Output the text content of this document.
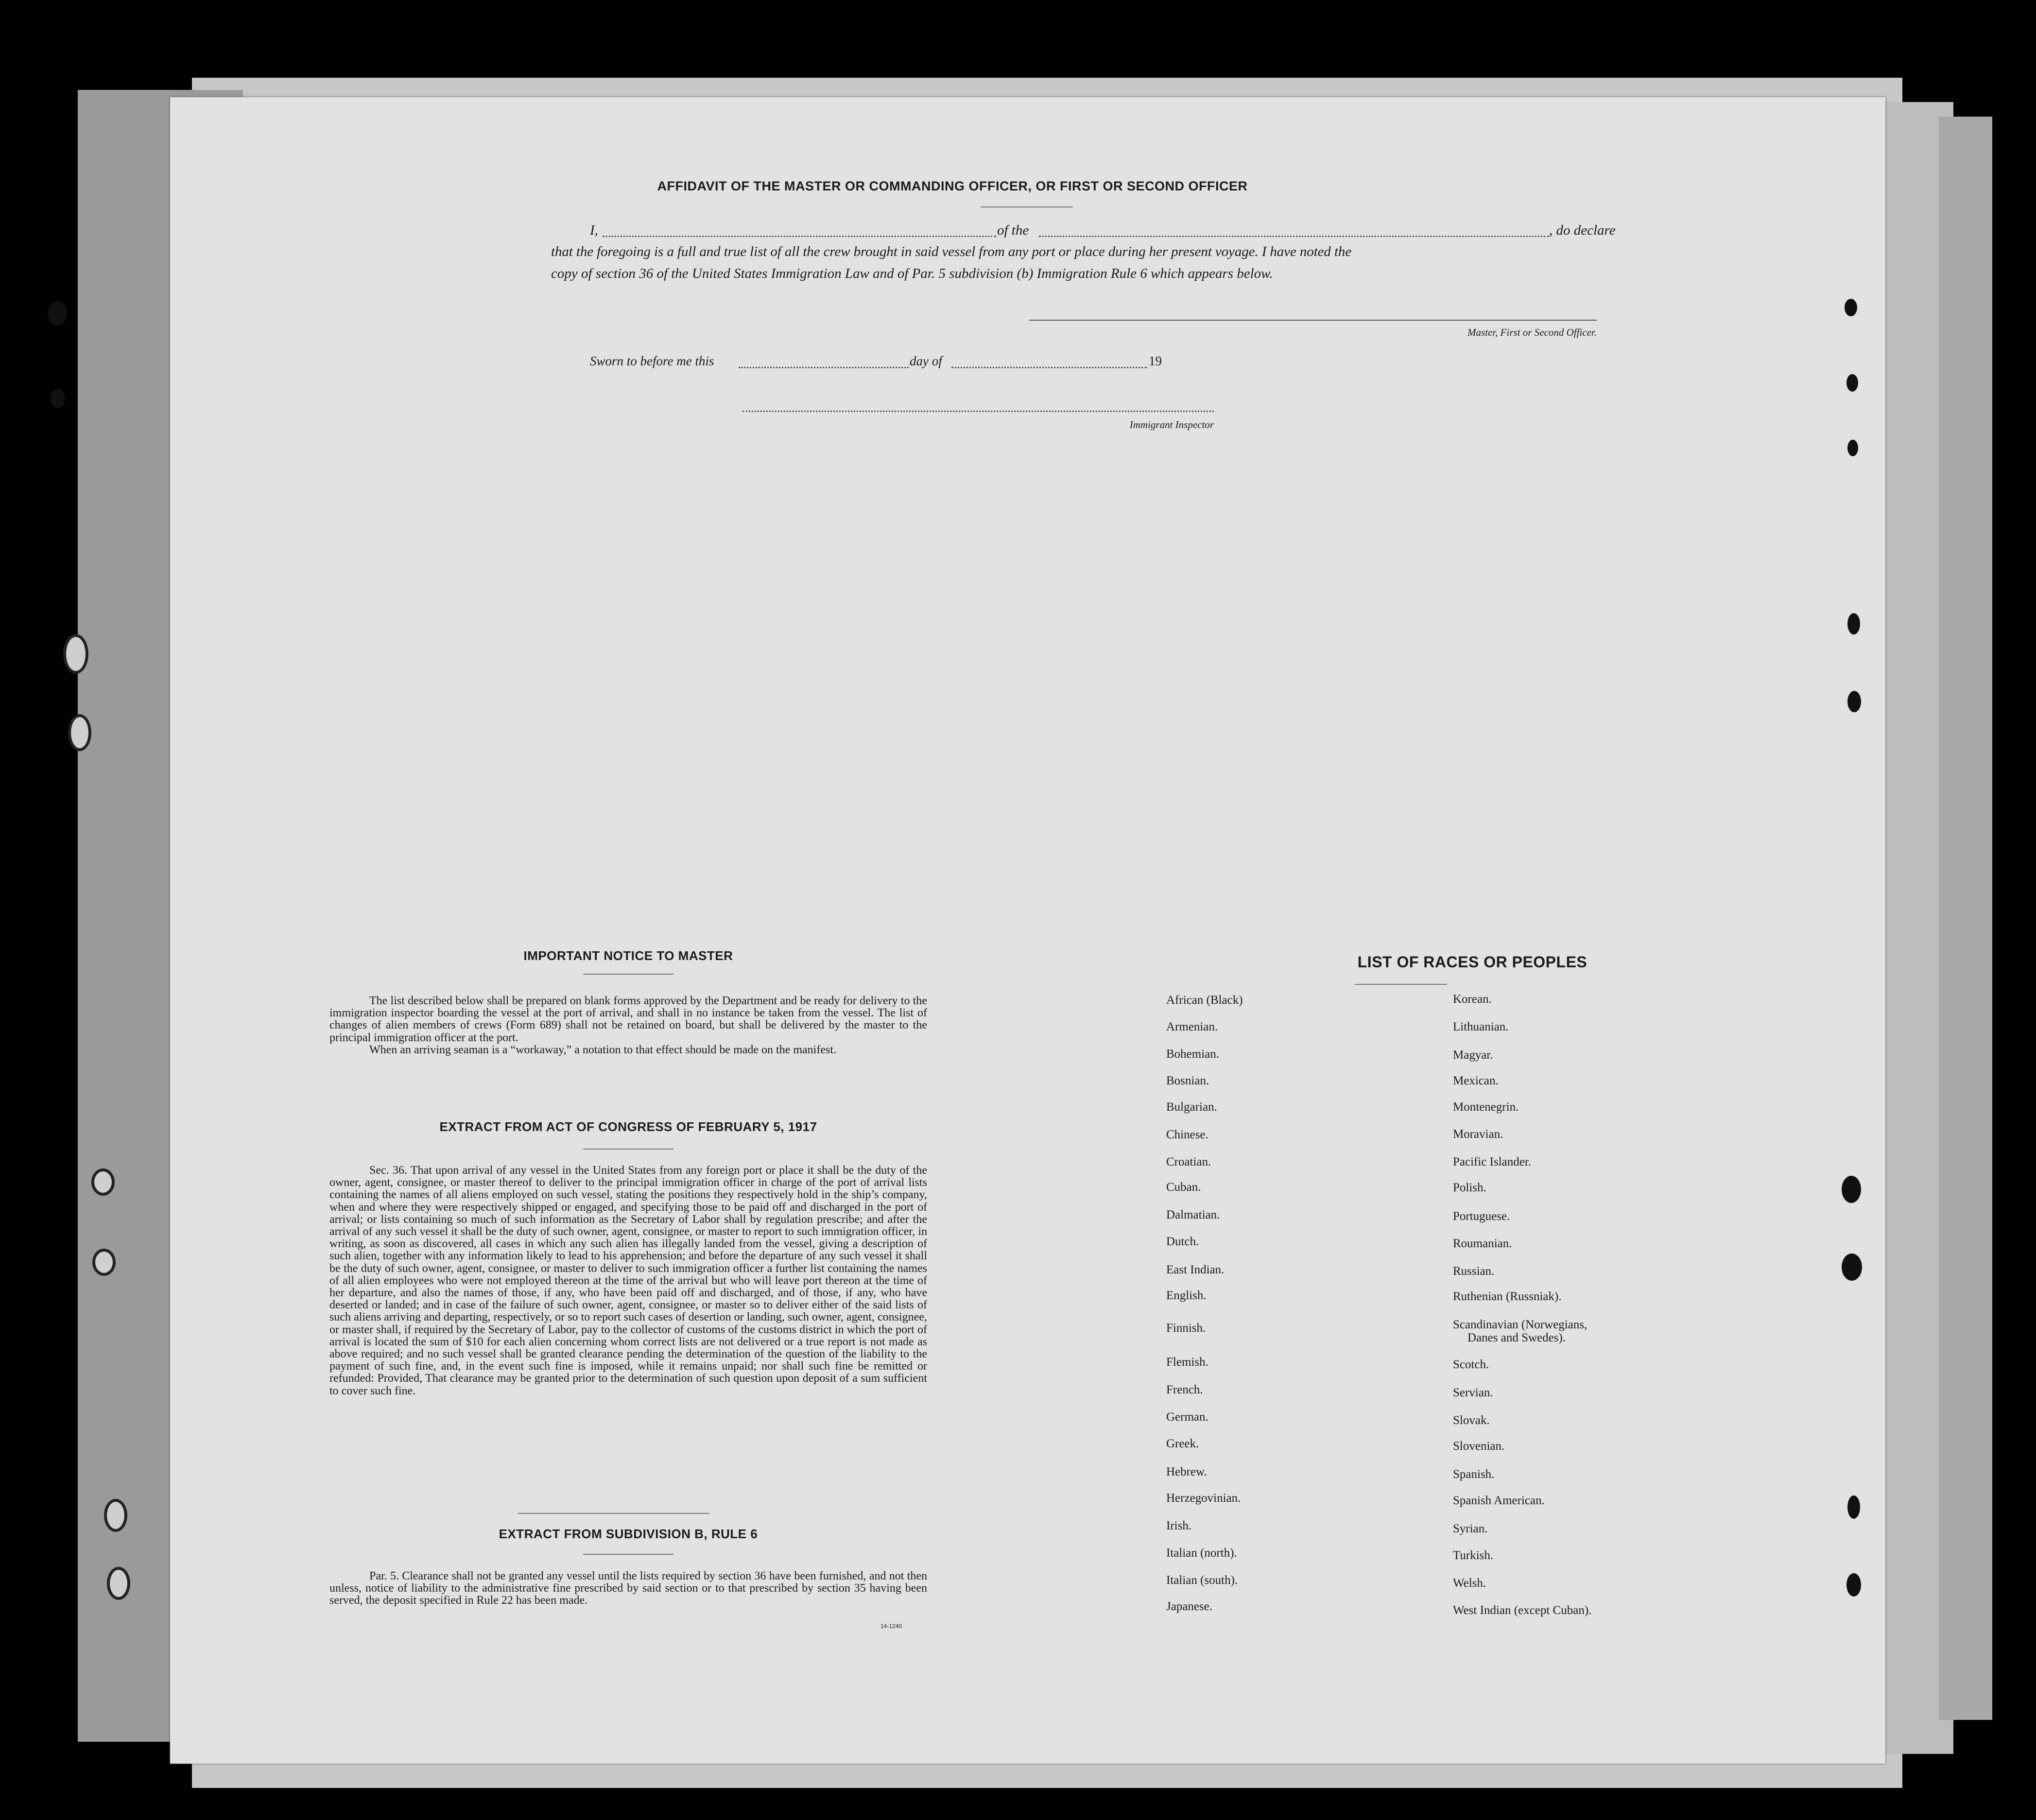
AFFIDAVIT OF THE MASTER OR COMMANDING OFFICER, OR FIRST OR SECOND OFFICER
I,	of the	, do declare
that the foregoing is a full and true list of all the crew brought in said vessel from any port or place during her present voyage. I have noted the
copy of section 36 of the United States Immigration Law and of Par. 5 subdivision (b) Immigration Rule 6 which appears below.
Master, First or Second Officer.
Sworn to before me this	day of	19
Immigrant Inspector
IMPORTANT NOTICE TO MASTER
The list described below shall be prepared on blank forms approved by the Department and be ready for delivery to the immigration inspector boarding the vessel at the port of arrival, and shall in no instance be taken from the vessel. The list of changes of alien members of crews (Form 689) shall not be retained on board, but shall be delivered by the master to the principal immigration officer at the port.
When an arriving seaman is a “workaway,” a notation to that effect should be made on the manifest.
EXTRACT FROM ACT OF CONGRESS OF FEBRUARY 5, 1917
Sec. 36. That upon arrival of any vessel in the United States from any foreign port or place it shall be the duty of the owner, agent, consignee, or master thereof to deliver to the principal immigration officer in charge of the port of arrival lists containing the names of all aliens employed on such vessel, stating the positions they respectively hold in the ship’s company, when and where they were respectively shipped or engaged, and specifying those to be paid off and discharged in the port of arrival; or lists containing so much of such information as the Secretary of Labor shall by regulation prescribe; and after the arrival of any such vessel it shall be the duty of such owner, agent, consignee, or master to report to such immigration officer, in writing, as soon as discovered, all cases in which any such alien has illegally landed from the vessel, giving a description of such alien, together with any information likely to lead to his apprehension; and before the departure of any such vessel it shall be the duty of such owner, agent, consignee, or master to deliver to such immigration officer a further list containing the names of all alien employees who were not employed thereon at the time of the arrival but who will leave port thereon at the time of her departure, and also the names of those, if any, who have been paid off and discharged, and of those, if any, who have deserted or landed; and in case of the failure of such owner, agent, consignee, or master so to deliver either of the said lists of such aliens arriving and departing, respectively, or so to report such cases of desertion or landing, such owner, agent, consignee, or master shall, if required by the Secretary of Labor, pay to the collector of customs of the customs district in which the port of arrival is located the sum of $10 for each alien concerning whom correct lists are not delivered or a true report is not made as above required; and no such vessel shall be granted clearance pending the determination of the question of the liability to the payment of such fine, and, in the event such fine is imposed, while it remains unpaid; nor shall such fine be remitted or refunded: Provided, That clearance may be granted prior to the determination of such question upon deposit of a sum sufficient to cover such fine.
EXTRACT FROM SUBDIVISION B, RULE 6
Par. 5. Clearance shall not be granted any vessel until the lists required by section 36 have been furnished, and not then unless, notice of liability to the administrative fine prescribed by said section or to that prescribed by section 35 having been served, the deposit specified in Rule 22 has been made.
14-1240
LIST OF RACES OR PEOPLES
African (Black)
Armenian.
Bohemian.
Bosnian.
Bulgarian.
Chinese.
Croatian.
Cuban.
Dalmatian.
Dutch.
East Indian.
English.
Finnish.
Flemish.
French.
German.
Greek.
Hebrew.
Herzegovinian.
Irish.
Italian (north).
Italian (south).
Japanese.
Korean.
Lithuanian.
Magyar.
Mexican.
Montenegrin.
Moravian.
Pacific Islander.
Polish.
Portuguese.
Roumanian.
Russian.
Ruthenian (Russniak).
Scandinavian (Norwegians,
Danes and Swedes).
Scotch.
Servian.
Slovak.
Slovenian.
Spanish.
Spanish American.
Syrian.
Turkish.
Welsh.
West Indian (except Cuban).
